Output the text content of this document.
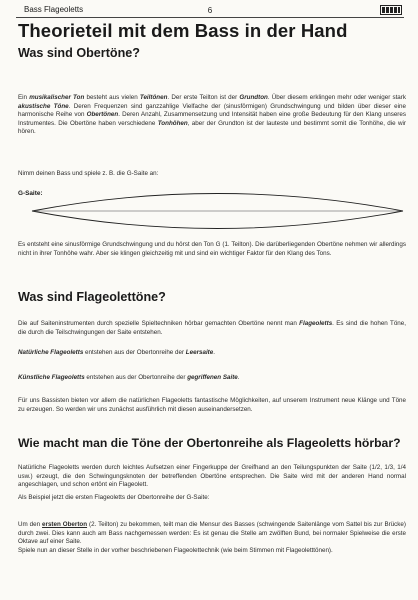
Bass Flageoletts	6
Theorieteil mit dem Bass in der Hand
Was sind Obertöne?
Ein musikalischer Ton besteht aus vielen Teiltönen. Der erste Teilton ist der Grundton. Über diesem erklingen mehr oder weniger stark akustische Töne. Deren Frequenzen sind ganzzahlige Vielfache der (sinusförmigen) Grundschwingung und bilden über dieser eine harmonische Reihe von Obertönen. Deren Anzahl, Zusammensetzung und Intensität haben eine große Bedeutung für den Klang unseres Instrumentes. Die Obertöne haben verschiedene Tonhöhen, aber der Grundton ist der lauteste und bestimmt somit die Tonhöhe, die wir hören.
Nimm deinen Bass und spiele z. B. die G-Saite an:
G-Saite:
Es entsteht eine sinusförmige Grundschwingung und du hörst den Ton G (1. Teilton). Die darüberliegenden Obertöne nehmen wir allerdings nicht in ihrer Tonhöhe wahr. Aber sie klingen gleichzeitig mit und sind ein wichtiger Faktor für den Klang des Tons.
Was sind Flageolettöne?
Die auf Saiteninstrumenten durch spezielle Spieltechniken hörbar gemachten Obertöne nennt man Flageoletts. Es sind die hohen Töne, die durch die Teilschwingungen der Saite entstehen.
Natürliche Flageoletts entstehen aus der Obertonreihe der Leersaite.
Künstliche Flageoletts entstehen aus der Obertonreihe der gegriffenen Saite.
Für uns Bassisten bieten vor allem die natürlichen Flageoletts fantastische Möglichkeiten, auf unserem Instrument neue Klänge und Töne zu erzeugen. So werden wir uns zunächst ausführlich mit diesen auseinandersetzen.
Wie macht man die Töne der Obertonreihe als Flageoletts hörbar?
Natürliche Flageoletts werden durch leichtes Aufsetzen einer Fingerkuppe der Greifhand an den Teilungspunkten der Saite (1/2, 1/3, 1/4 usw.) erzeugt, die den Schwingungsknoten der betreffenden Obertöne entsprechen. Die Saite wird mit der anderen Hand normal angeschlagen, und schon ertönt ein Flageolett.
Als Beispiel jetzt die ersten Flageoletts der Obertonreihe der G-Saite:
Um den ersten Oberton (2. Teilton) zu bekommen, teilt man die Mensur des Basses (schwingende Saitenlänge vom Sattel bis zur Brücke) durch zwei. Dies kann auch am Bass nachgemessen werden: Es ist genau die Stelle am zwölften Bund, bei normaler Spielweise die erste Oktave auf einer Saite.
Spiele nun an dieser Stelle in der vorher beschriebenen Flageolettechnik (wie beim Stimmen mit Flageoletttönen).
